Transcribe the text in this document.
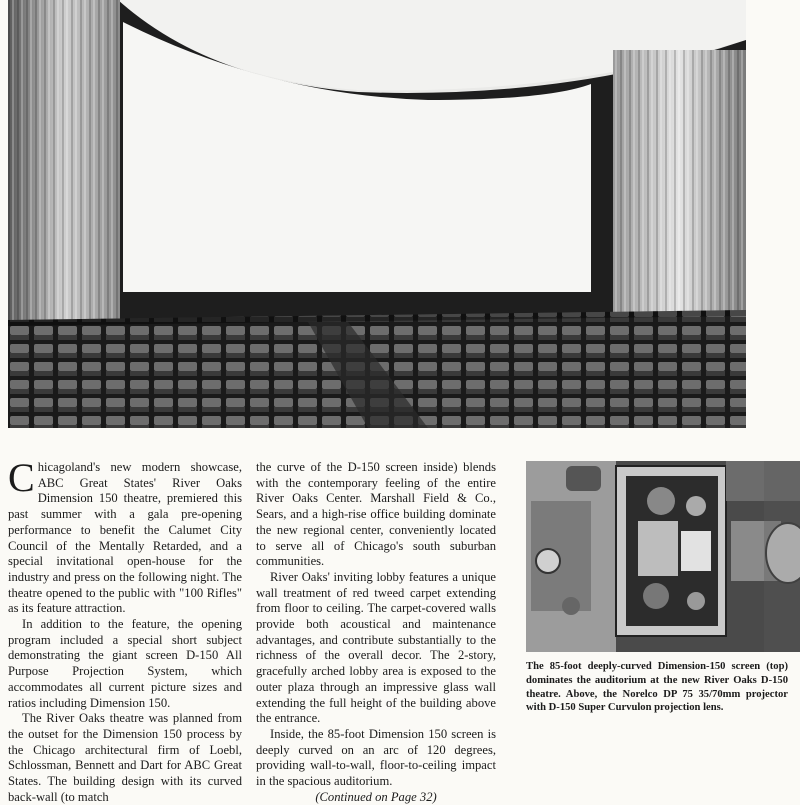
Chicagoland's new modern showcase, ABC Great States' River Oaks Dimension 150 theatre, premiered this past summer with a gala pre-opening performance to benefit the Calumet City Council of the Mentally Retarded, and a special invitational open-house for the industry and press on the following night. The theatre opened to the public with "100 Rifles" as its feature attraction.

In addition to the feature, the opening program included a special short subject demonstrating the giant screen D-150 All Purpose Projection System, which accommodates all current picture sizes and ratios including Dimension 150.

The River Oaks theatre was planned from the outset for the Dimension 150 process by the Chicago architectural firm of Loebl, Schlossman, Bennett and Dart for ABC Great States. The building design with its curved back-wall (to match

the curve of the D-150 screen inside) blends with the contemporary feeling of the entire River Oaks Center. Marshall Field & Co., Sears, and a high-rise office building dominate the new regional center, conveniently located to serve all of Chicago's south suburban communities.

River Oaks' inviting lobby features a unique wall treatment of red tweed carpet extending from floor to ceiling. The carpet-covered walls provide both acoustical and maintenance advantages, and contribute substantially to the richness of the overall decor. The 2-story, gracefully arched lobby area is exposed to the outer plaza through an impressive glass wall extending the full height of the building above the entrance.

Inside, the 85-foot Dimension 150 screen is deeply curved on an arc of 120 degrees, providing wall-to-wall, floor-to-ceiling impact in the spacious auditorium.

(Continued on Page 32)

The 85-foot deeply-curved Dimension-150 screen (top) dominates the auditorium at the new River Oaks D-150 theatre. Above, the Norelco DP 75 35/70mm projector with D-150 Super Curvulon projection lens.
